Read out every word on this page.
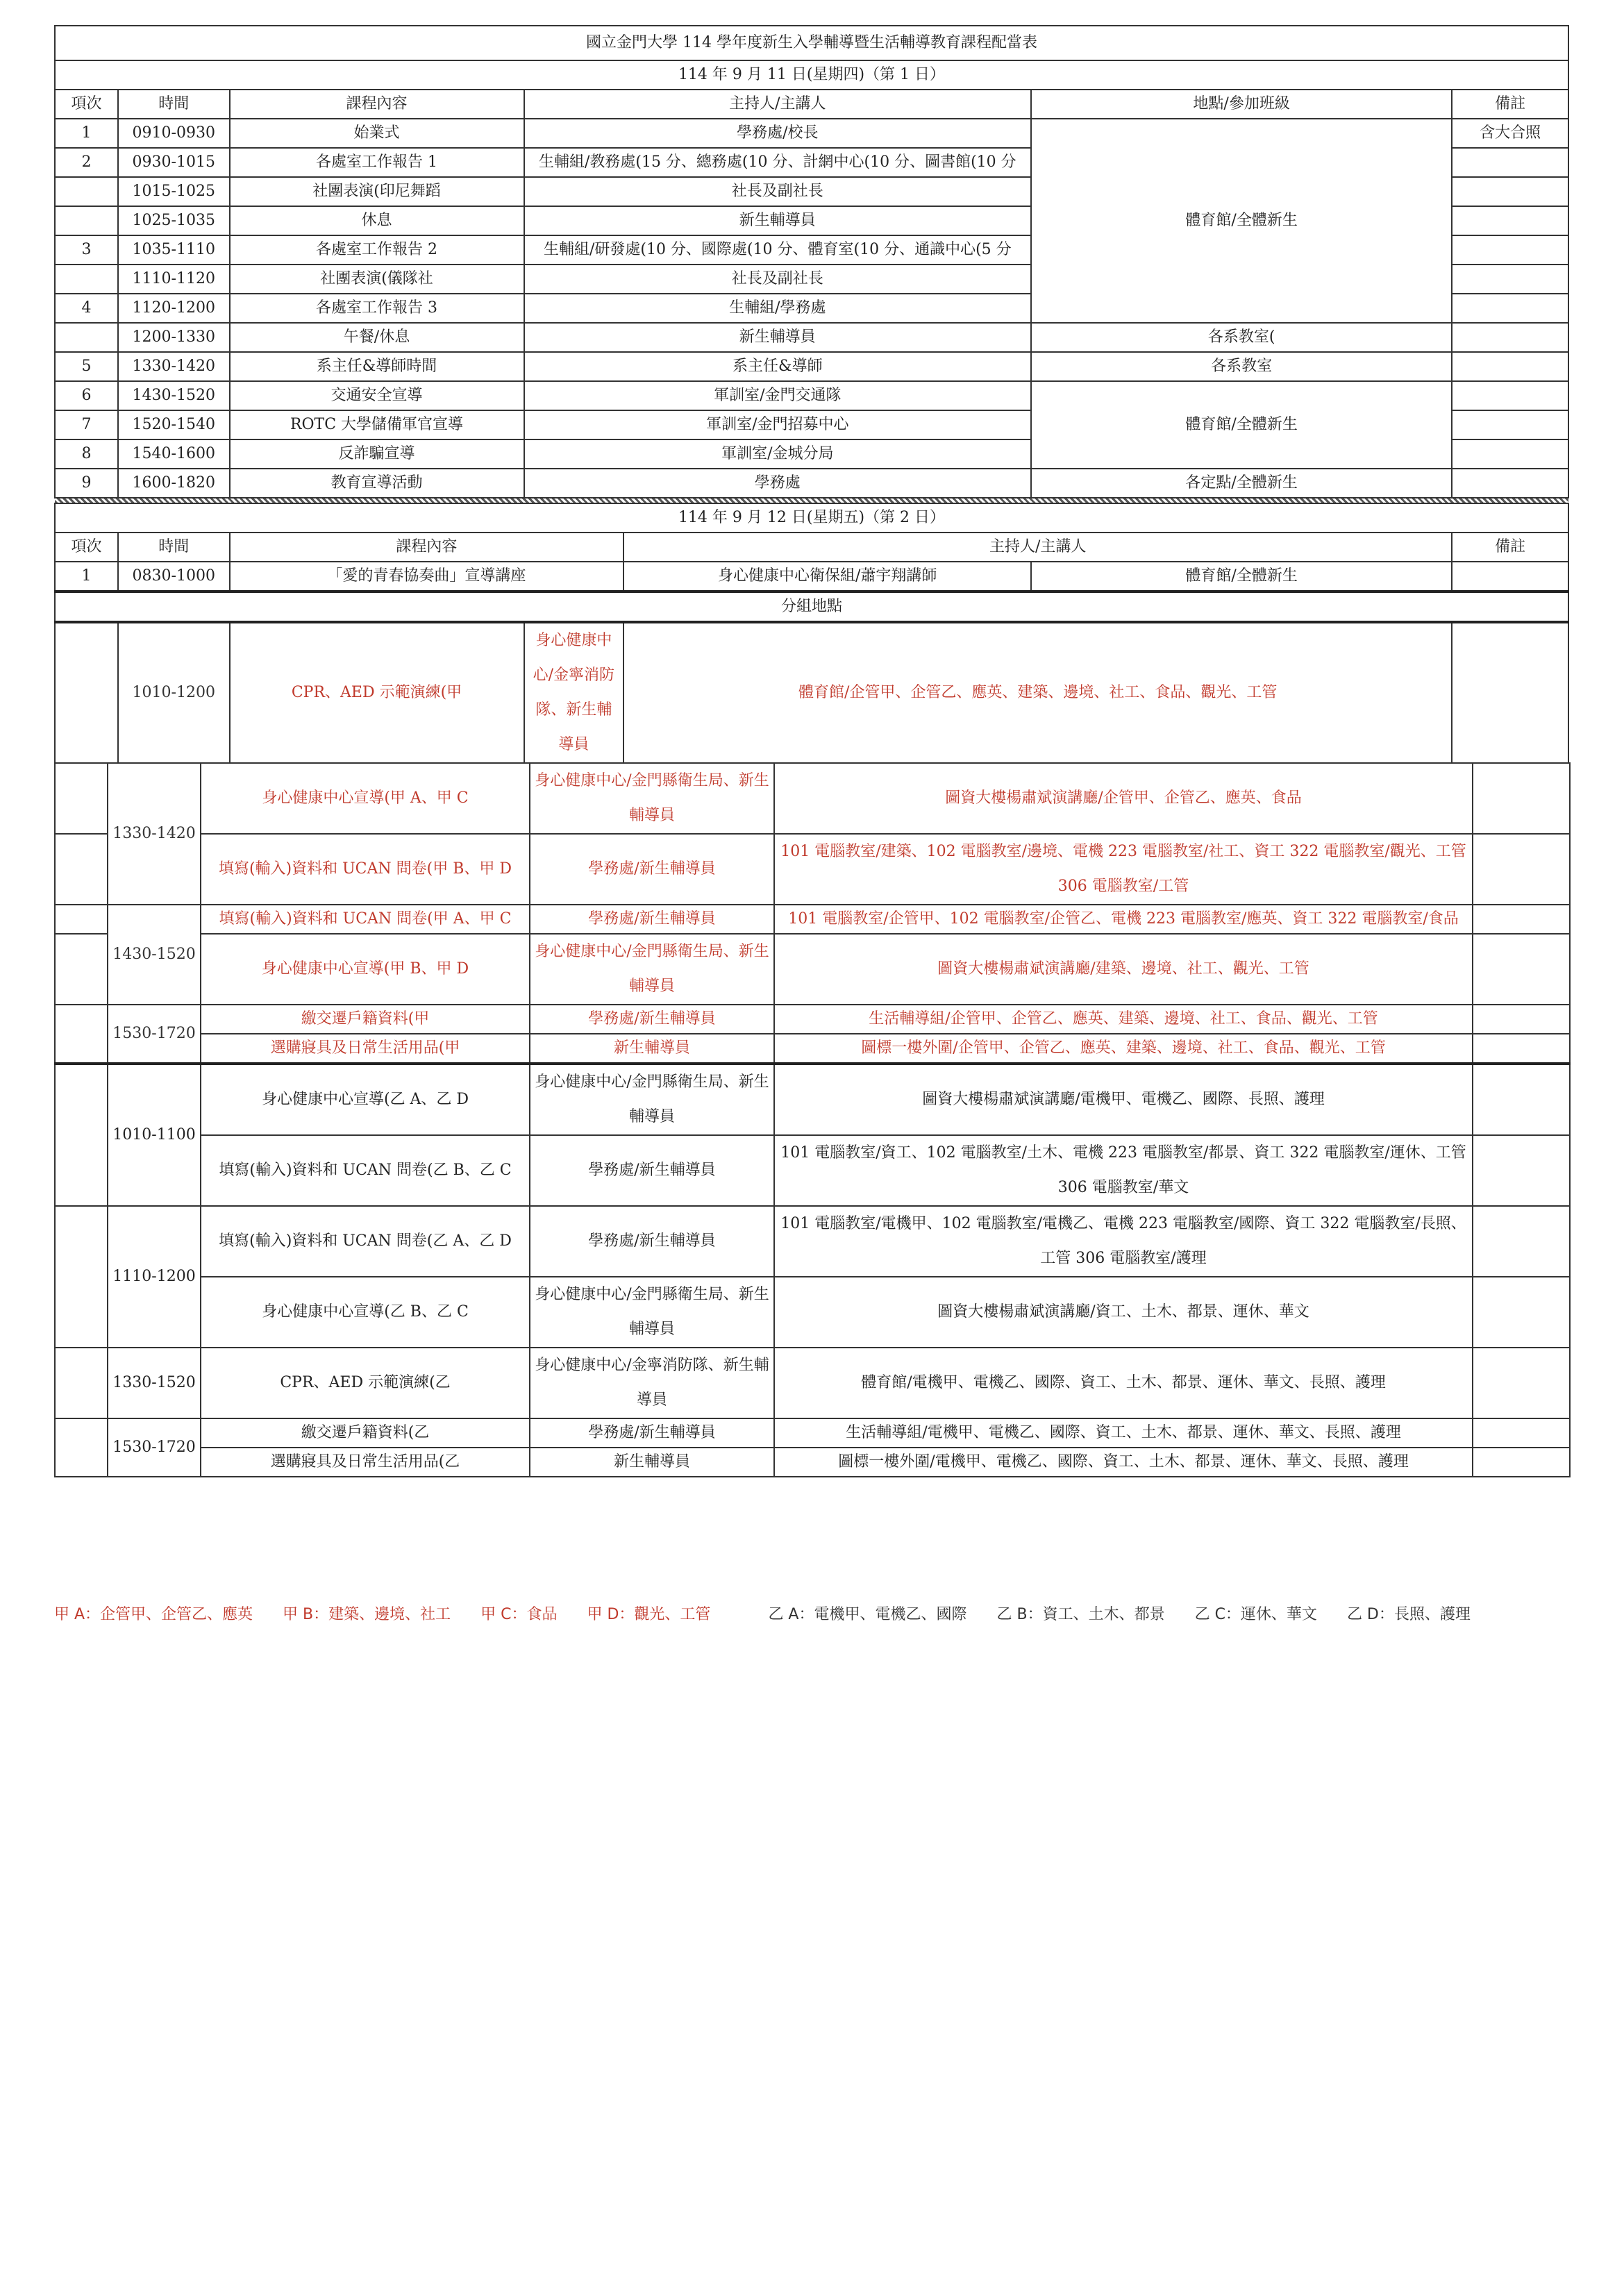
國立金門大學 114 學年度新生入學輔導暨生活輔導教育課程配當表						
114 年 9 月 11 日(星期四)（第 1 日）						
項次	時間	課程內容	主持人/主講人		地點/參加班級	備註
1	0910-0930	始業式	學務處/校長		體育館/全體新生	含大合照
2	0930-1015	各處室工作報告 1	生輔組/教務處(15 分、總務處(10 分、計網中心(10 分、圖書館(10 分			
	1015-1025	社團表演(印尼舞蹈	社長及副社長			
	1025-1035	休息	新生輔導員			
3	1035-1110	各處室工作報告 2	生輔組/研發處(10 分、國際處(10 分、體育室(10 分、通識中心(5 分			
	1110-1120	社團表演(儀隊社	社長及副社長			
4	1120-1200	各處室工作報告 3	生輔組/學務處			
	1200-1330	午餐/休息	新生輔導員		各系教室(	
5	1330-1420	系主任&導師時間	系主任&導師		各系教室	
6	1430-1520	交通安全宣導	軍訓室/金門交通隊		體育館/全體新生	
7	1520-1540	ROTC 大學儲備軍官宣導	軍訓室/金門招募中心			
8	1540-1600	反詐騙宣導	軍訓室/金城分局			
9	1600-1820	教育宣導活動	學務處		各定點/全體新生	

114 年 9 月 12 日(星期五)（第 2 日）						
項次	時間	課程內容		主持人/主講人		備註
1	0830-1000	「愛的青春協奏曲」宣導講座		身心健康中心衛保組/蕭宇翔講師	體育館/全體新生	
分組地點						
	1010-1200	CPR、AED 示範演練(甲	身心健康中心/金寧消防隊、新生輔導員	體育館/企管甲、企管乙、應英、建築、邊境、社工、食品、觀光、工管		
	1330-1420	身心健康中心宣導(甲 A、甲 C	身心健康中心/金門縣衛生局、新生輔導員	圖資大樓楊肅斌演講廳/企管甲、企管乙、應英、食品	
		填寫(輸入)資料和 UCAN 問卷(甲 B、甲 D	學務處/新生輔導員	101 電腦教室/建築、102 電腦教室/邊境、電機 223 電腦教室/社工、資工 322 電腦教室/觀光、工管 306 電腦教室/工管	
	1430-1520	填寫(輸入)資料和 UCAN 問卷(甲 A、甲 C	學務處/新生輔導員	101 電腦教室/企管甲、102 電腦教室/企管乙、電機 223 電腦教室/應英、資工 322 電腦教室/食品	
		身心健康中心宣導(甲 B、甲 D	身心健康中心/金門縣衛生局、新生輔導員	圖資大樓楊肅斌演講廳/建築、邊境、社工、觀光、工管	
	1530-1720	繳交遷戶籍資料(甲	學務處/新生輔導員	生活輔導組/企管甲、企管乙、應英、建築、邊境、社工、食品、觀光、工管	
		選購寢具及日常生活用品(甲	新生輔導員	圖標一樓外圍/企管甲、企管乙、應英、建築、邊境、社工、食品、觀光、工管	
	1010-1100	身心健康中心宣導(乙 A、乙 D	身心健康中心/金門縣衛生局、新生輔導員	圖資大樓楊肅斌演講廳/電機甲、電機乙、國際、長照、護理	
		填寫(輸入)資料和 UCAN 問卷(乙 B、乙 C	學務處/新生輔導員	101 電腦教室/資工、102 電腦教室/土木、電機 223 電腦教室/都景、資工 322 電腦教室/運休、工管 306 電腦教室/華文	
	1110-1200	填寫(輸入)資料和 UCAN 問卷(乙 A、乙 D	學務處/新生輔導員	101 電腦教室/電機甲、102 電腦教室/電機乙、電機 223 電腦教室/國際、資工 322 電腦教室/長照、工管 306 電腦教室/護理	
		身心健康中心宣導(乙 B、乙 C	身心健康中心/金門縣衛生局、新生輔導員	圖資大樓楊肅斌演講廳/資工、土木、都景、運休、華文	
	1330-1520	CPR、AED 示範演練(乙	身心健康中心/金寧消防隊、新生輔導員	體育館/電機甲、電機乙、國際、資工、土木、都景、運休、華文、長照、護理	
	1530-1720	繳交遷戶籍資料(乙	學務處/新生輔導員	生活輔導組/電機甲、電機乙、國際、資工、土木、都景、運休、華文、長照、護理	
		選購寢具及日常生活用品(乙	新生輔導員	圖標一樓外圍/電機甲、電機乙、國際、資工、土木、都景、運休、華文、長照、護理	
甲 A：企管甲、企管乙、應英 甲 B：建築、邊境、社工 甲 C：食品 甲 D：觀光、工管	乙 A：電機甲、電機乙、國際 乙 B：資工、土木、都景 乙 C：運休、華文 乙 D：長照、護理
